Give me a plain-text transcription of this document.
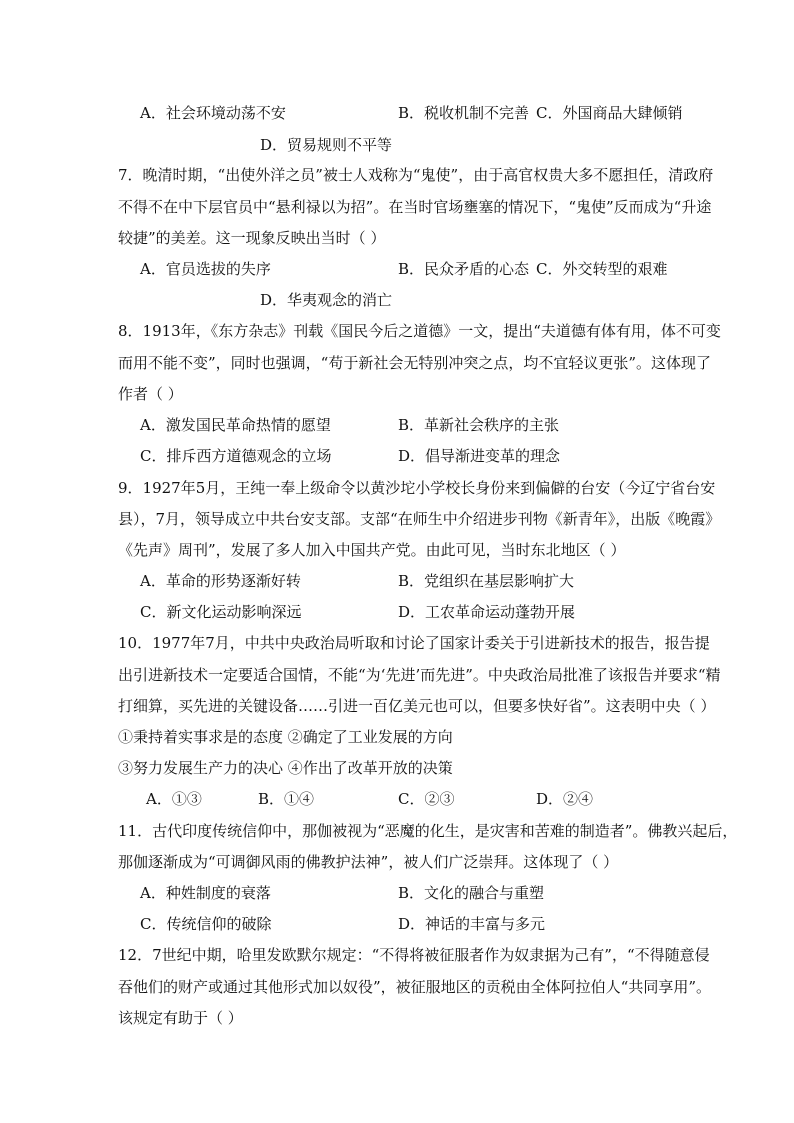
A．社会环境动荡不安	B．税收机制不完善 C．外国商品大肆倾销
D．贸易规则不平等
7．晚清时期，“出使外洋之员”被士人戏称为“鬼使”，由于高官权贵大多不愿担任，清政府
不得不在中下层官员中“悬利禄以为招”。在当时官场壅塞的情况下，“鬼使”反而成为“升途
较捷”的美差。这一现象反映出当时（ ）
A．官员选拔的失序	B．民众矛盾的心态 C．外交转型的艰难
D．华夷观念的消亡
8．1913年，《东方杂志》刊载《国民今后之道德》一文，提出“夫道德有体有用，体不可变
而用不能不变”，同时也强调，“苟于新社会无特别冲突之点，均不宜轻议更张”。这体现了
作者（ ）
A．激发国民革命热情的愿望	B．革新社会秩序的主张
C．排斥西方道德观念的立场	D．倡导渐进变革的理念
9．1927年5月，王纯一奉上级命令以黄沙坨小学校长身份来到偏僻的台安（今辽宁省台安
县），7月，领导成立中共台安支部。支部“在师生中介绍进步刊物《新青年》，出版《晚霞》
《先声》周刊”，发展了多人加入中国共产党。由此可见，当时东北地区（ ）
A．革命的形势逐渐好转	B．党组织在基层影响扩大
C．新文化运动影响深远	D．工农革命运动蓬勃开展
10．1977年7月，中共中央政治局听取和讨论了国家计委关于引进新技术的报告，报告提
出引进新技术一定要适合国情，不能“为‘先进’而先进”。中央政治局批准了该报告并要求“精
打细算，买先进的关键设备……引进一百亿美元也可以，但要多快好省”。这表明中央（ ）
①秉持着实事求是的态度 ②确定了工业发展的方向
③努力发展生产力的决心 ④作出了改革开放的决策
A．①③	B．①④	C．②③	D．②④
11．古代印度传统信仰中，那伽被视为“恶魔的化生，是灾害和苦难的制造者”。佛教兴起后，
那伽逐渐成为“可调御风雨的佛教护法神”，被人们广泛崇拜。这体现了（ ）
A．种姓制度的衰落	B．文化的融合与重塑
C．传统信仰的破除	D．神话的丰富与多元
12．7世纪中期，哈里发欧默尔规定：“不得将被征服者作为奴隶据为己有”，“不得随意侵
吞他们的财产或通过其他形式加以奴役”，被征服地区的贡税由全体阿拉伯人“共同享用”。
该规定有助于（ ）
